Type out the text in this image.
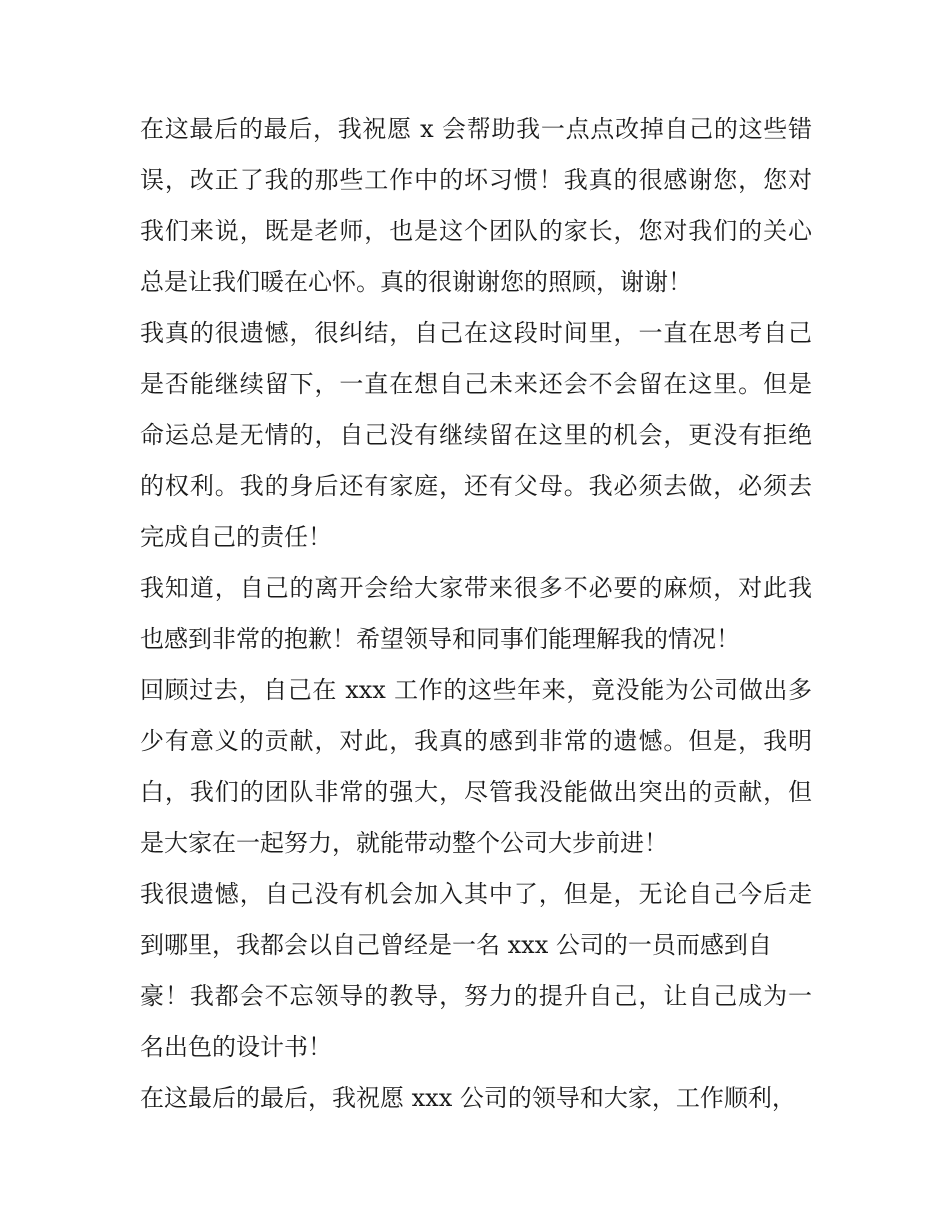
在这最后的最后，我祝愿 x 会帮助我一点点改掉自己的这些错
误，改正了我的那些工作中的坏习惯！我真的很感谢您，您对
我们来说，既是老师，也是这个团队的家长，您对我们的关心
总是让我们暖在心怀。真的很谢谢您的照顾，谢谢！
我真的很遗憾，很纠结，自己在这段时间里，一直在思考自己
是否能继续留下，一直在想自己未来还会不会留在这里。但是
命运总是无情的，自己没有继续留在这里的机会，更没有拒绝
的权利。我的身后还有家庭，还有父母。我必须去做，必须去
完成自己的责任！
我知道，自己的离开会给大家带来很多不必要的麻烦，对此我
也感到非常的抱歉！希望领导和同事们能理解我的情况！
回顾过去，自己在 xxx 工作的这些年来，竟没能为公司做出多
少有意义的贡献，对此，我真的感到非常的遗憾。但是，我明
白，我们的团队非常的强大，尽管我没能做出突出的贡献，但
是大家在一起努力，就能带动整个公司大步前进！
我很遗憾，自己没有机会加入其中了，但是，无论自己今后走
到哪里，我都会以自己曾经是一名 xxx 公司的一员而感到自
豪！我都会不忘领导的教导，努力的提升自己，让自己成为一
名出色的设计书！
在这最后的最后，我祝愿 xxx 公司的领导和大家，工作顺利，
